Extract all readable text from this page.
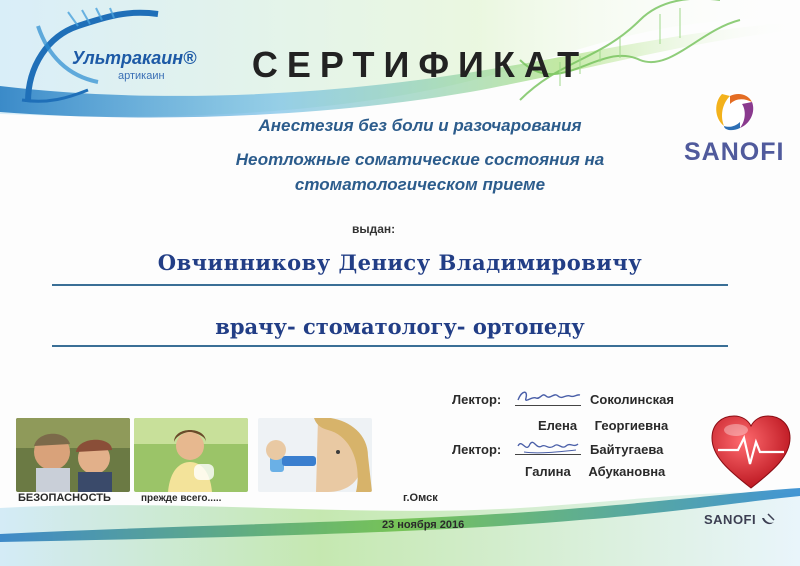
Ультракаин®
артикаин	СЕРТИФИКАТ
Анестезия без боли и разочарования
Неотложные соматические состояния на
стоматологическом приеме
SANOFI
выдан:
Овчинникову Денису Владимировичу
врачу- стоматологу- ортопеду
Лектор:	Соколинская
Елена Георгиевна
Лектор:	Байтугаева
Галина Абукановна
БЕЗОПАСНОСТЬ	прежде всего.....	г.Омск
23 ноября 2016	SANOFI
